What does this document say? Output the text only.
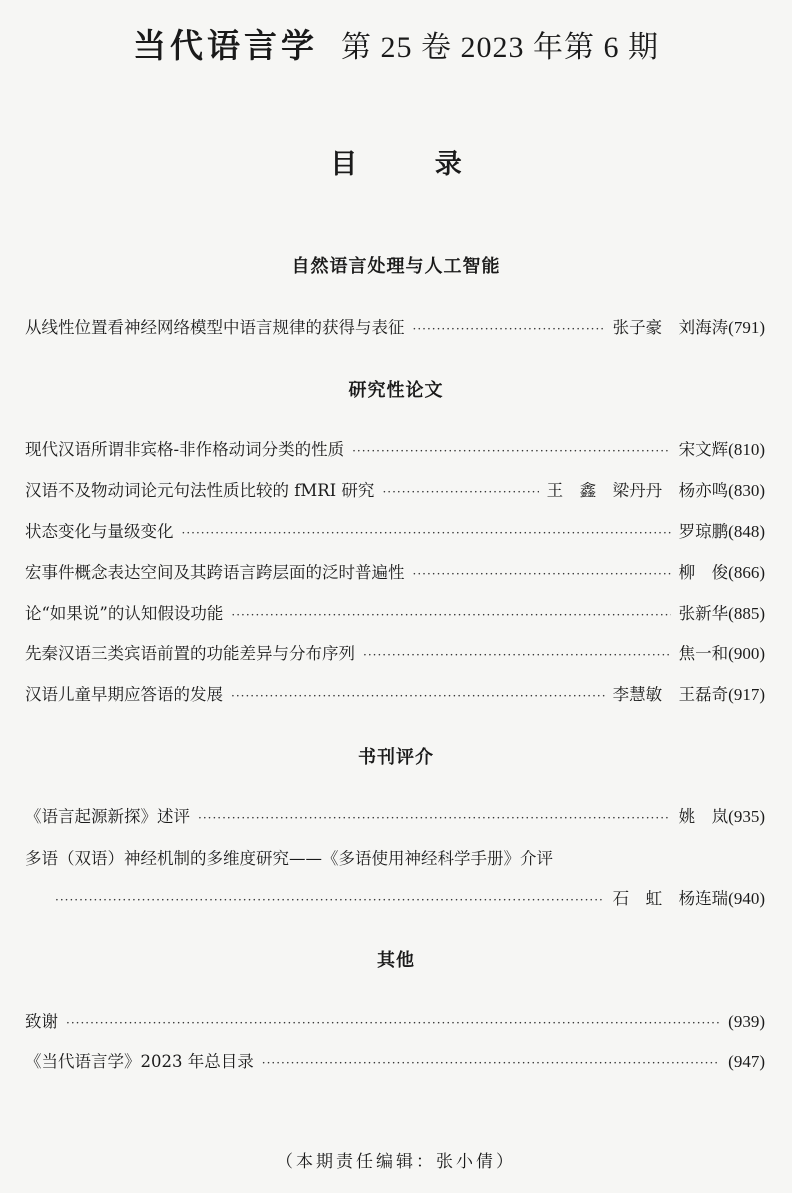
当代语言学 第 25 卷 2023 年第 6 期
目 录
自然语言处理与人工智能
从线性位置看神经网络模型中语言规律的获得与表征 ·····	张子豪　刘海涛 (791)
研究性论文
现代汉语所谓非宾格-非作格动词分类的性质 ·····	宋文辉 (810)
汉语不及物动词论元句法性质比较的 fMRI 研究 ·····	王　鑫　梁丹丹　杨亦鸣 (830)
状态变化与量级变化 ·····	罗琼鹏 (848)
宏事件概念表达空间及其跨语言跨层面的泛时普遍性 ·····	柳　俊 (866)
论“如果说”的认知假设功能 ·····	张新华 (885)
先秦汉语三类宾语前置的功能差异与分布序列 ·····	焦一和 (900)
汉语儿童早期应答语的发展 ·····	李慧敏　王磊奇 (917)
书刊评介
《语言起源新探》述评 ·····	姚　岚 (935)
多语（双语）神经机制的多维度研究——《多语使用神经科学手册》介评
·····
石　虹　杨连瑞 (940)
其他
致谢 ·····	(939)
《当代语言学》2023 年总目录 ·····	(947)
（本期责任编辑：张小倩）
